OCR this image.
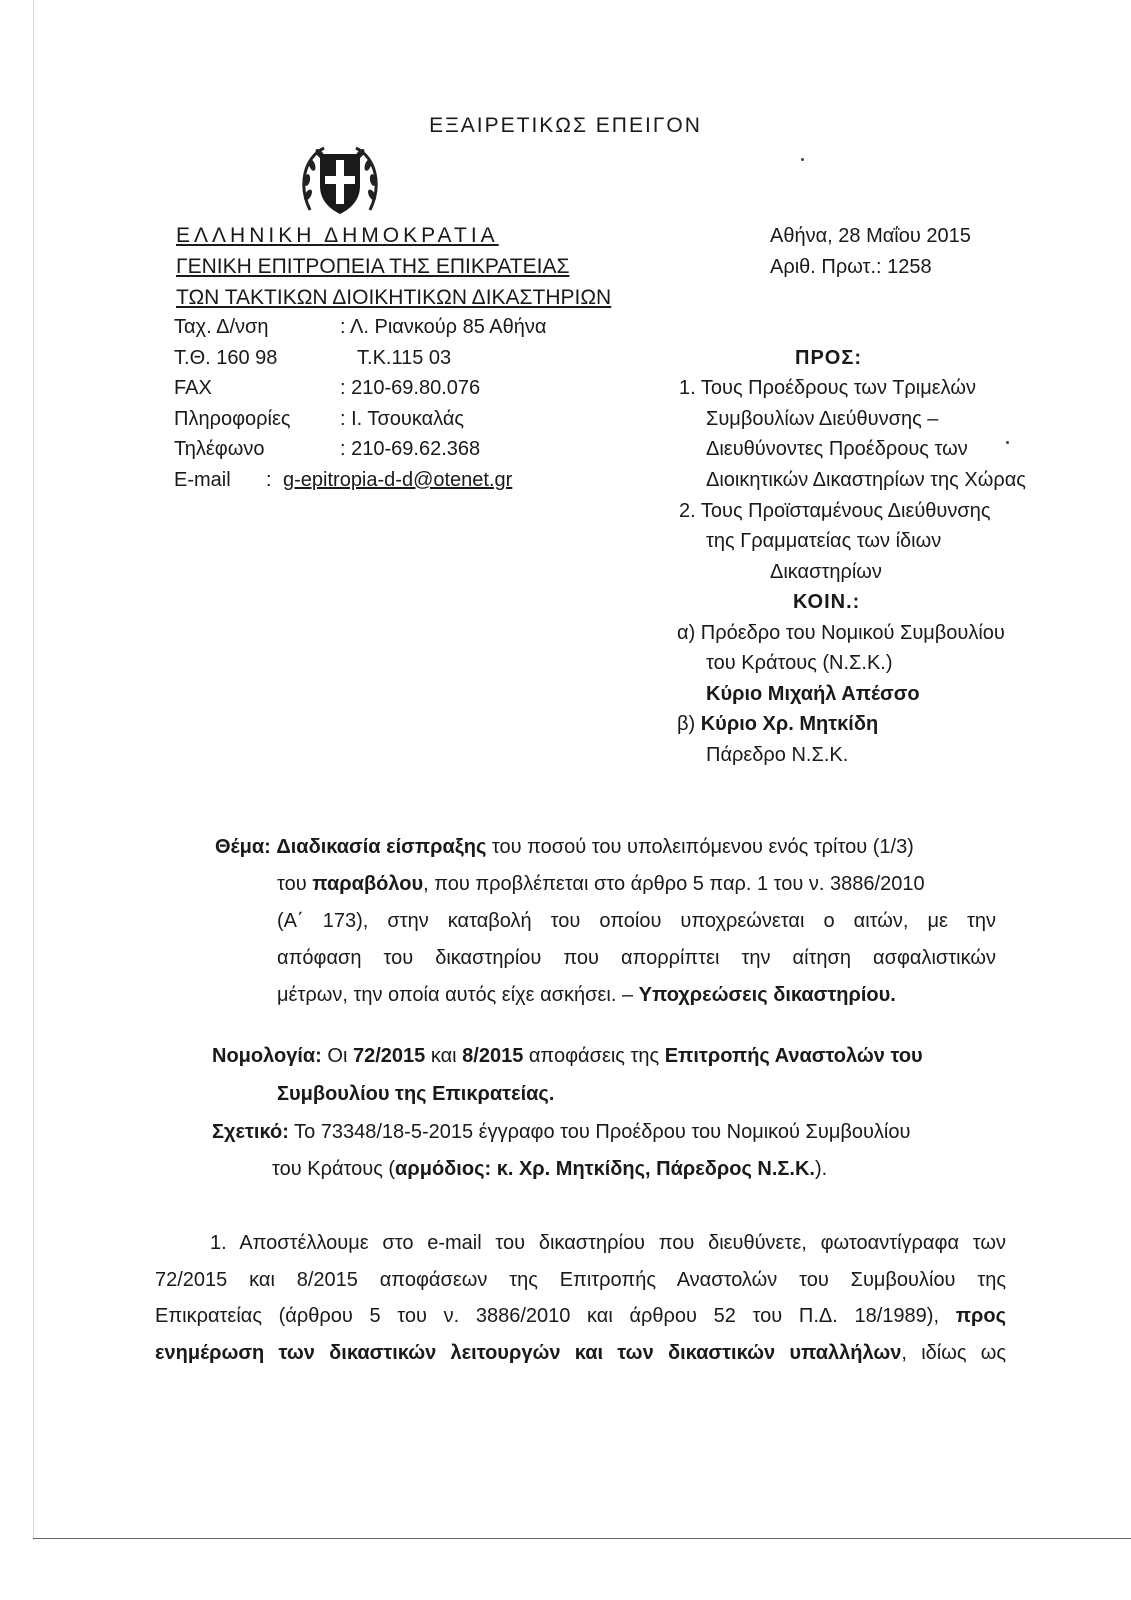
ΕΞΑΙΡΕΤΙΚΩΣ ΕΠΕΙΓΟΝ
ΕΛΛΗΝΙΚΗ ΔΗΜΟΚΡΑΤΙΑ
ΓΕΝΙΚΗ ΕΠΙΤΡΟΠΕΙΑ ΤΗΣ ΕΠΙΚΡΑΤΕΙΑΣ
ΤΩΝ ΤΑΚΤΙΚΩΝ ΔΙΟΙΚΗΤΙΚΩΝ ΔΙΚΑΣΤΗΡΙΩΝ
Ταχ. Δ/νση	: Λ. Ριανκούρ 85 Αθήνα
Τ.Θ. 160 98	Τ.Κ.115 03
FAX	: 210-69.80.076
Πληροφορίες : Ι. Τσουκαλάς
Τηλέφωνο	: 210-69.62.368
E-mail : g-epitropia-d-d@otenet.gr
Αθήνα, 28 Μαΐου 2015
Αριθ. Πρωτ.: 1258
ΠΡΟΣ:
1. Τους Προέδρους των Τριμελών
Συμβουλίων Διεύθυνσης –
Διευθύνοντες Προέδρους των
Διοικητικών Δικαστηρίων της Χώρας
2. Τους Προϊσταμένους Διεύθυνσης
της Γραμματείας των ίδιων
Δικαστηρίων
ΚΟΙΝ.:
α) Πρόεδρο του Νομικού Συμβουλίου
του Κράτους (Ν.Σ.Κ.)
Κύριο Μιχαήλ Απέσσο
β) Κύριο Χρ. Μητκίδη
Πάρεδρο Ν.Σ.Κ.
Θέμα: Διαδικασία είσπραξης του ποσού του υπολειπόμενου ενός τρίτου (1/3)
του παραβόλου, που προβλέπεται στο άρθρο 5 παρ. 1 του ν. 3886/2010
(Α΄ 173), στην καταβολή του οποίου υποχρεώνεται ο αιτών, με την
απόφαση του δικαστηρίου που απορρίπτει την αίτηση ασφαλιστικών
μέτρων, την οποία αυτός είχε ασκήσει. – Υποχρεώσεις δικαστηρίου.
Νομολογία: Οι 72/2015 και 8/2015 αποφάσεις της Επιτροπής Αναστολών του
Συμβουλίου της Επικρατείας.
Σχετικό: Το 73348/18-5-2015 έγγραφο του Προέδρου του Νομικού Συμβουλίου
του Κράτους (αρμόδιος: κ. Χρ. Μητκίδης, Πάρεδρος Ν.Σ.Κ.).
1. Αποστέλλουμε στο e-mail του δικαστηρίου που διευθύνετε, φωτοαντίγραφα των
72/2015 και 8/2015 αποφάσεων της Επιτροπής Αναστολών του Συμβουλίου της
Επικρατείας (άρθρου 5 του ν. 3886/2010 και άρθρου 52 του Π.Δ. 18/1989), προς
ενημέρωση των δικαστικών λειτουργών και των δικαστικών υπαλλήλων, ιδίως ως
